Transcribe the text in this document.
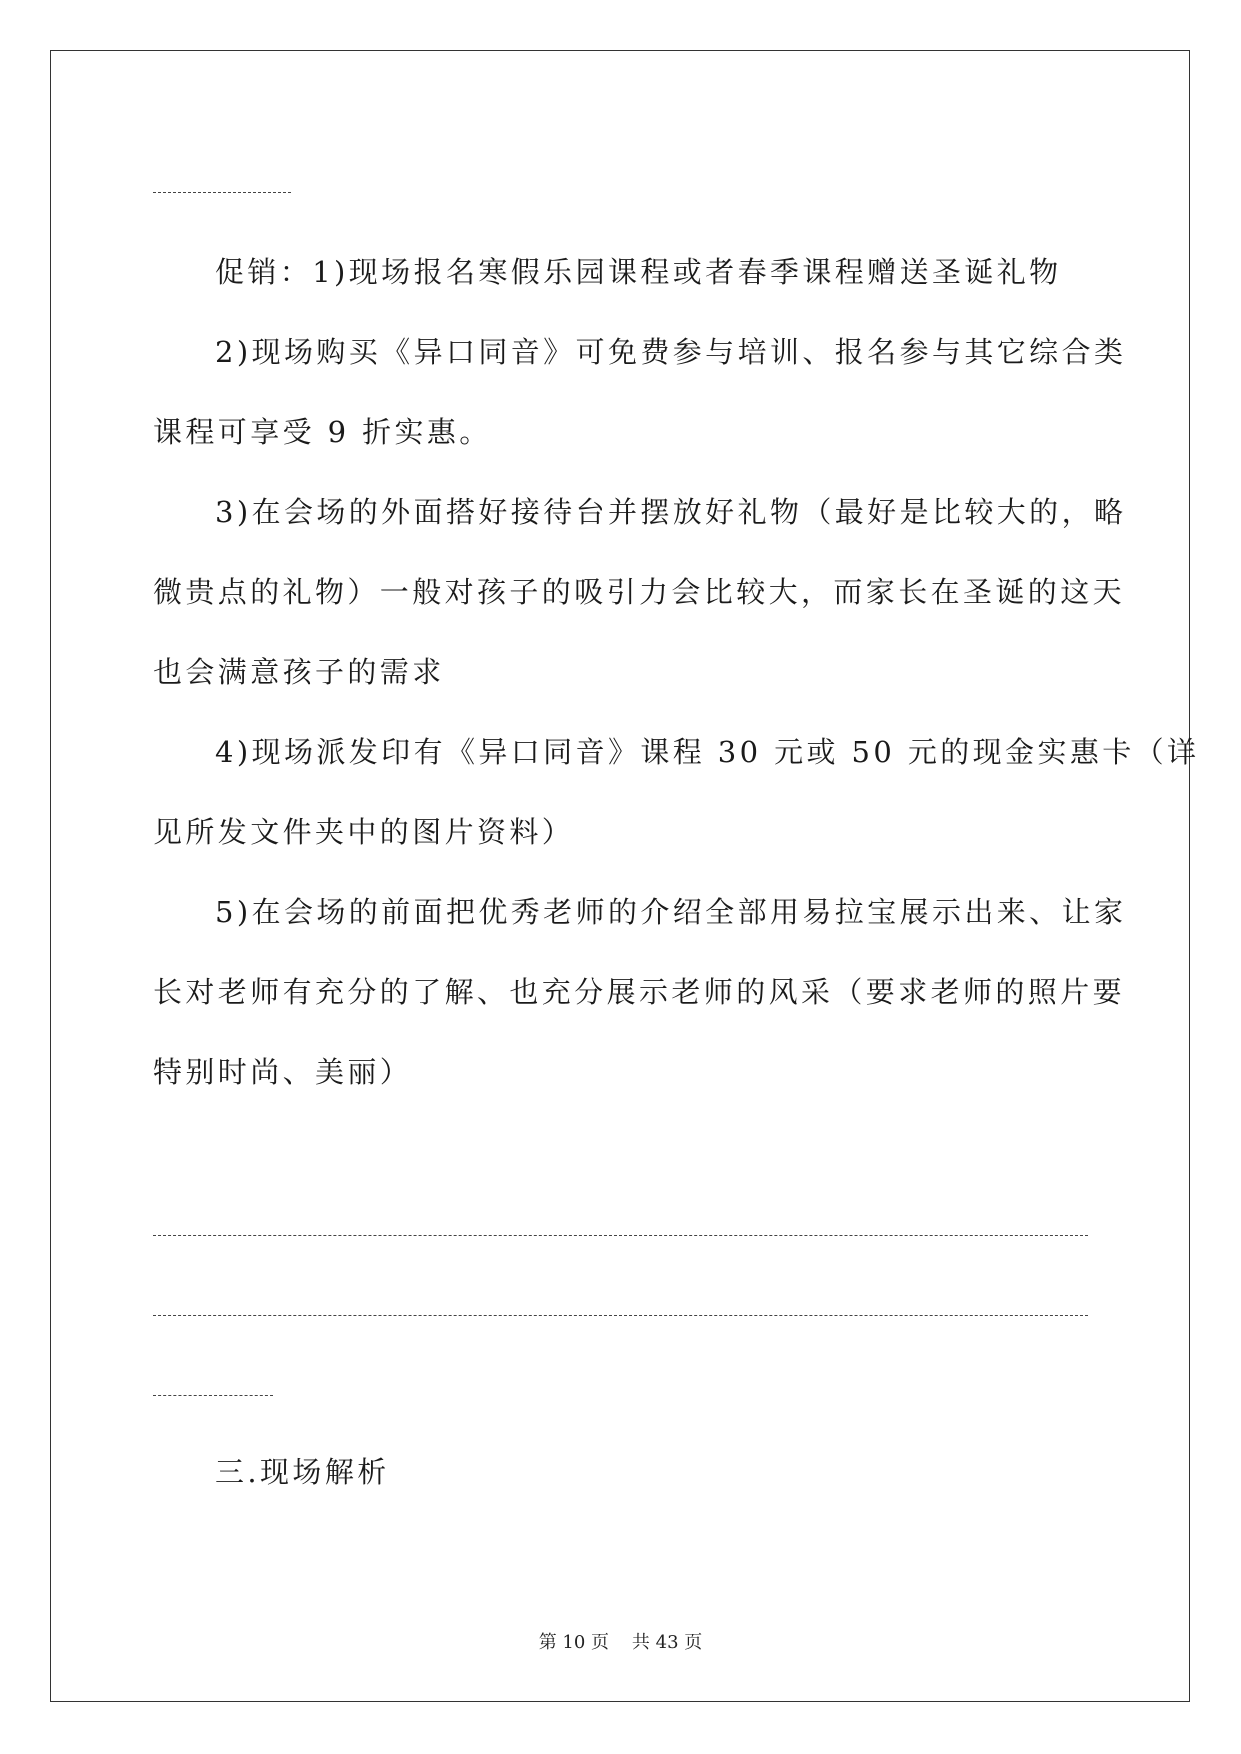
促销：1)现场报名寒假乐园课程或者春季课程赠送圣诞礼物
2)现场购买《异口同音》可免费参与培训、报名参与其它综合类
课程可享受 9 折实惠。
3)在会场的外面搭好接待台并摆放好礼物（最好是比较大的，略
微贵点的礼物）一般对孩子的吸引力会比较大，而家长在圣诞的这天
也会满意孩子的需求
4)现场派发印有《异口同音》课程 30 元或 50 元的现金实惠卡（详
见所发文件夹中的图片资料）
5)在会场的前面把优秀老师的介绍全部用易拉宝展示出来、让家
长对老师有充分的了解、也充分展示老师的风采（要求老师的照片要
特别时尚、美丽）
三.现场解析
第 10 页    共 43 页
